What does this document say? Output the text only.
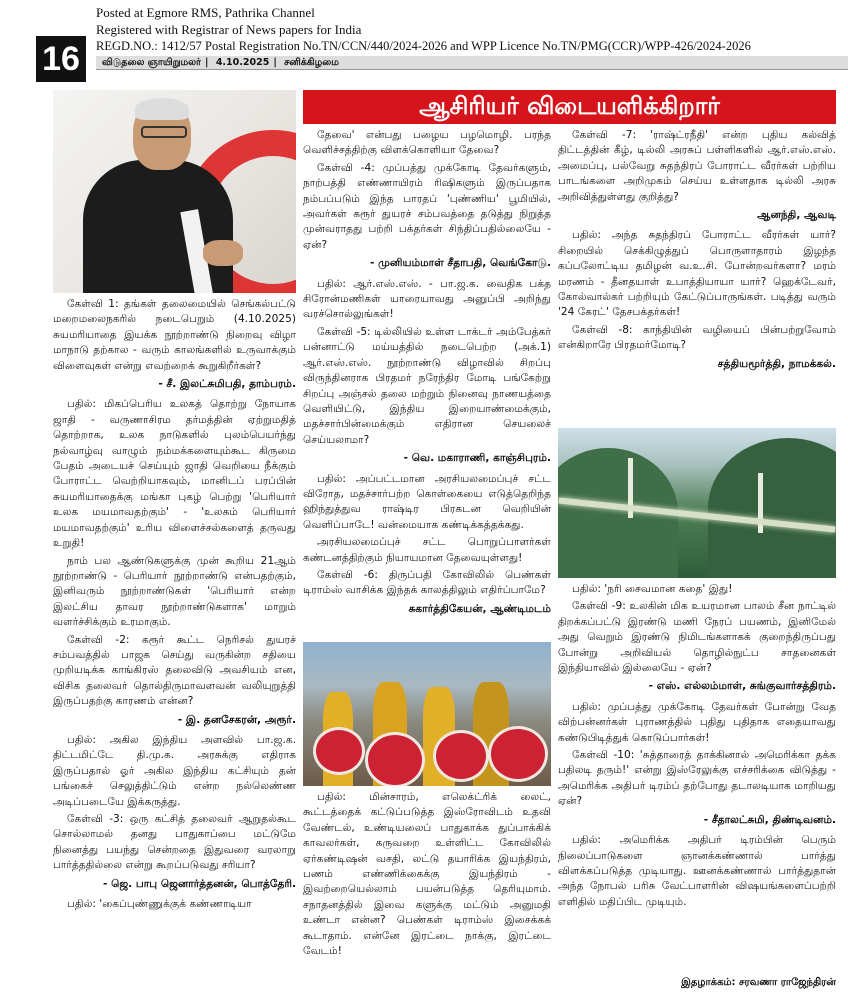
Posted at Egmore RMS, Pathrika Channel
Registered with Registrar of News papers for India
REGD.NO.: 1412/57 Postal Registration No.TN/CCN/440/2024-2026 and WPP Licence No.TN/PMG(CCR)/WPP-426/2024-2026
16	விடுதலை ஞாயிறுமலர் | 4.10.2025 | சனிக்கிழமை
ஆசிரியர் விடையளிக்கிறார்

கேள்வி 1: தங்கள் தலைமையில் செங்கல்பட்டு மறைமலைநகரில் நடைபெறும் (4.10.2025) சுயமரியாதை இயக்க நூற்றாண்டு நிறைவு விழா மாநாடு தற்கால - வரும் காலங்களில் உருவாக்கும் விளைவுகள் என்று எவற்றைக் கூறுகிறீர்கள்?

- சீ. இலட்சுமிபதி, தாம்பரம்.

பதில்: மிகப்பெரிய உலகத் தொற்று நோயாக ஜாதி - வருணாசிரம தர்மத்தின் ஏற்றுமதித் தொற்றாக, உலக நாடுகளில் புலம்பெயர்ந்து நல்வாழ்வு வாழும் நம்மக்களையும்கூட கிருமை பேதம் அடையச் செய்யும் ஜாதி வெறியை நீக்கும் போராட்ட வெற்றியாகவும், மானிடப் பரப்பின் சுயமரியாதைக்கு மங்கா புகழ் பெற்று 'பெரியார் உலக மயமாவதற்கும்' - 'உலகம் பெரியார் மயமாவதற்கும்' உரிய விளைச்சல்களைத் தருவது உறுதி!

நாம் பல ஆண்டுகளுக்கு முன் கூறிய 21ஆம் நூற்றாண்டு - பெரியார் நூற்றாண்டு என்பதற்கும், இனிவரும் நூற்றாண்டுகள் 'பெரியார் என்ற இலட்சிய தாவர நூற்றாண்டுகளாக' மாறும் வளர்ச்சிக்கும் உரமாகும்.

கேள்வி -2: கரூர் கூட்ட நெரிசல் துயரச் சம்பவத்தில் பாஜக செய்து வருகின்ற சதியை முறியடிக்க காங்கிரஸ் தலைவிடு அவசியம் என, விசிக தலைவர் தொல்திருமாவளவன் வலியுறுத்தி இருப்பதற்கு காரணம் என்ன?

- இ. தனசேகரன், அரூர்.

பதில்: அகில இந்திய அளவில் பா.ஜ.க. திட்டமிட்டே தி.மு.க. அரசுக்கு எதிராக இருப்பதால் ஓர் அகில இந்திய கட்சியும் தன் பங்கைச் செலுத்திட்டும் என்ற நல்லெண்ண அடிப்படையே இக்கருத்து.

கேள்வி -3: ஒரு கட்சித் தலைவர் ஆறுதல்கூட சொல்லாமல் தனது பாதுகாப்பை மட்டுமே நினைத்து பயந்து சென்றதை இதுவரை வரலாறு பார்த்ததில்லை என்று கூறப்படுவது சரியா?

- ஜெ. பாபு ஜெனார்த்தனன், பொத்தேரி.

பதில்: 'கைப்புண்ணுக்குக் கண்ணாடியா

தேவை' என்பது பழைய பழமொழி. பரந்த வெளிச்சத்திற்கு விளக்கொளியா தேவை?

கேள்வி -4: முப்பத்து முக்கோடி தேவர்களும், நாற்பத்தி எண்ணாயிரம் ரிஷிகளும் இருப்பதாக நம்பப்படும் இந்த பாரதப் 'புண்ணிய' பூமியில், அவர்கள் கரூர் துயரச் சம்பவத்தை தடுத்து நிறுத்த முன்வராதது பற்றி பக்தர்கள் சிந்திப்பதில்லையே - ஏன்?

- முனியம்மாள் சீதாபதி, வெங்கோடு.

பதில்: ஆர்.எஸ்.எஸ். - பா.ஜ.க. வைதிக பக்த சிரோன்மணிகள் யாரையாவது அனுப்பி அறிந்து வரச்சொல்லுங்கள்!

கேள்வி -5: டில்லியில் உள்ள டாக்டர் அம்பேத்கர் பன்னாட்டு மய்யத்தில் நடைபெற்ற (அக்.1) ஆர்.எஸ்.எஸ். நூற்றாண்டு விழாவில் சிறப்பு விருந்தினராக பிரதமர் நரேந்திர மோடி பங்கேற்று சிறப்பு அஞ்சல் தலை மற்றும் நினைவு நாணயத்தை வெளியிட்டு, இந்திய இறையாண்மைக்கும், மதச்சார்பின்மைக்கும் எதிரான செயலைச் செய்யலாமா?

- வெ. மகாராணி, காஞ்சிபுரம்.

பதில்: அப்பட்டமான அரசியலமைப்புச் சட்ட விரோத, மதச்சார்பற்ற கொள்கையை எடுத்தெறிந்த ஹிந்துத்துவ ராஷ்டிர பிரகடன வெறியின் வெளிப்பாடே! வன்மையாக கண்டிக்கத்தக்கது.

அரசியலமைப்புச் சட்ட பொறுப்பாளர்கள் கண்டனத்திற்கும் நியாயமான தேவையுள்ளது!

கேள்வி -6: திருப்பதி கோவிலில் பெண்கள் டிராம்ஸ் வாசிக்க இந்தக் காலத்திலும் எதிர்ப்பாமே?

சுகார்த்திகேயன், ஆண்டிமடம்

பதில்: மின்சாரம், எலெக்ட்ரிக் லைட், கூட்டத்தைக் கட்டுப்படுத்த இஸ்ரோவிடம் உதவி வேண்டல், உண்டியலைப் பாதுகாக்க துப்பாக்கிக் காவலர்கள், கருவறை உள்ளிட்ட கோவிலில் ஏர்கண்டிஷன் வசதி, லட்டு தயாரிக்க இயந்திரம், பணம் எண்ணிக்கைக்கு இயந்திரம் - இவற்றையெல்லாம் பயன்படுத்த தெரியுமாம். சநாதனத்தில் இவை களுக்கு மட்டும் அனுமதி உண்டா என்ன? பெண்கள் டிராம்ஸ் இசைக்கக் கூடாதாம். என்னே இரட்டை நாக்கு, இரட்டை வேடம்!

கேள்வி -7: 'ராஷ்ட்ரநீதி' என்ற புதிய கல்வித் திட்டத்தின் கீழ், டில்லி அரசுப் பள்ளிகளில் ஆர்.எஸ்.எஸ். அமைப்பு, பல்வேறு சுதந்திரப் போராட்ட வீரர்கள் பற்றிய பாடங்களை அறிமுகம் செய்ய உள்ளதாக டில்லி அரசு அறிவித்துள்ளது குறித்து?

ஆனந்தி, ஆவடி

பதில்: அந்த சுதந்திரப் போராட்ட வீரர்கள் யார்? சிறையில் செக்கிழுத்துப் பொருளாதாரம் இழந்த கப்பலோட்டிய தமிழன் வ.உ.சி. போன்றவர்களா? மரம் மரணம் - தீனதயாள் உபாத்தியாயா யார்? ஹெக்டேவர், கோல்வால்கர் பற்றியும் கேட்டுப்பாருங்கள். படித்து வரும் '24 கேரட்' தேசபக்தர்கள்!

கேள்வி -8: காந்தியின் வழியைப் பின்பற்றுவோம் என்கிறாரே பிரதமர்மோடி?

சத்தியமூர்த்தி, நாமக்கல்.

பதில்: 'நரி சைவமான கதை' இது!

கேள்வி -9: உலகின் மிக உயரமான பாலம் சீன நாட்டில் திறக்கப்பட்டு இரண்டு மணி நேரப் பயணம், இனிமேல் அது வெறும் இரண்டு நிமிடங்களாகக் குறைந்திருப்பது போன்று அறிவியல் தொழில்நுட்ப சாதனைகள் இந்தியாவில் இல்லையே - ஏன்?

- எஸ். எல்லம்மாள், சுங்குவார்சத்திரம்.

பதில்: முப்பத்து முக்கோடி தேவர்கள் போன்று வேத விற்பன்னர்கள் புராணத்தில் புதிது புதிதாக எதையாவது கண்டுபிடித்துக் கொடுப்பார்கள்!

கேள்வி -10: 'சுத்தாரைத் தாக்கினால் அமெரிக்கா தக்க பதிலடி தரும்!' என்று இஸ்ரேலுக்கு எச்சரிக்கை விடுத்து - அமெரிக்க அதிபர் டிரம்ப் தற்போது தடாலடியாக மாறியது ஏன்?

- சீதாலட்சுமி, திண்டிவனம்.

பதில்: அமெரிக்க அதிபர் டிரம்பின் பெரும் நிலைப்பாடுகளை ஞானக்கண்ணால் பார்த்து விளக்கப்படுத்த முடியாது. ஊனக்கண்ணால் பார்த்துதான் அந்த நோபல் பரிசு வேட்பாளரின் விஷயங்களைப்பற்றி எளிதில் மதிப்பிட முடியும்.

இதழாக்கம்: சரவணா ராஜேந்திரன்
